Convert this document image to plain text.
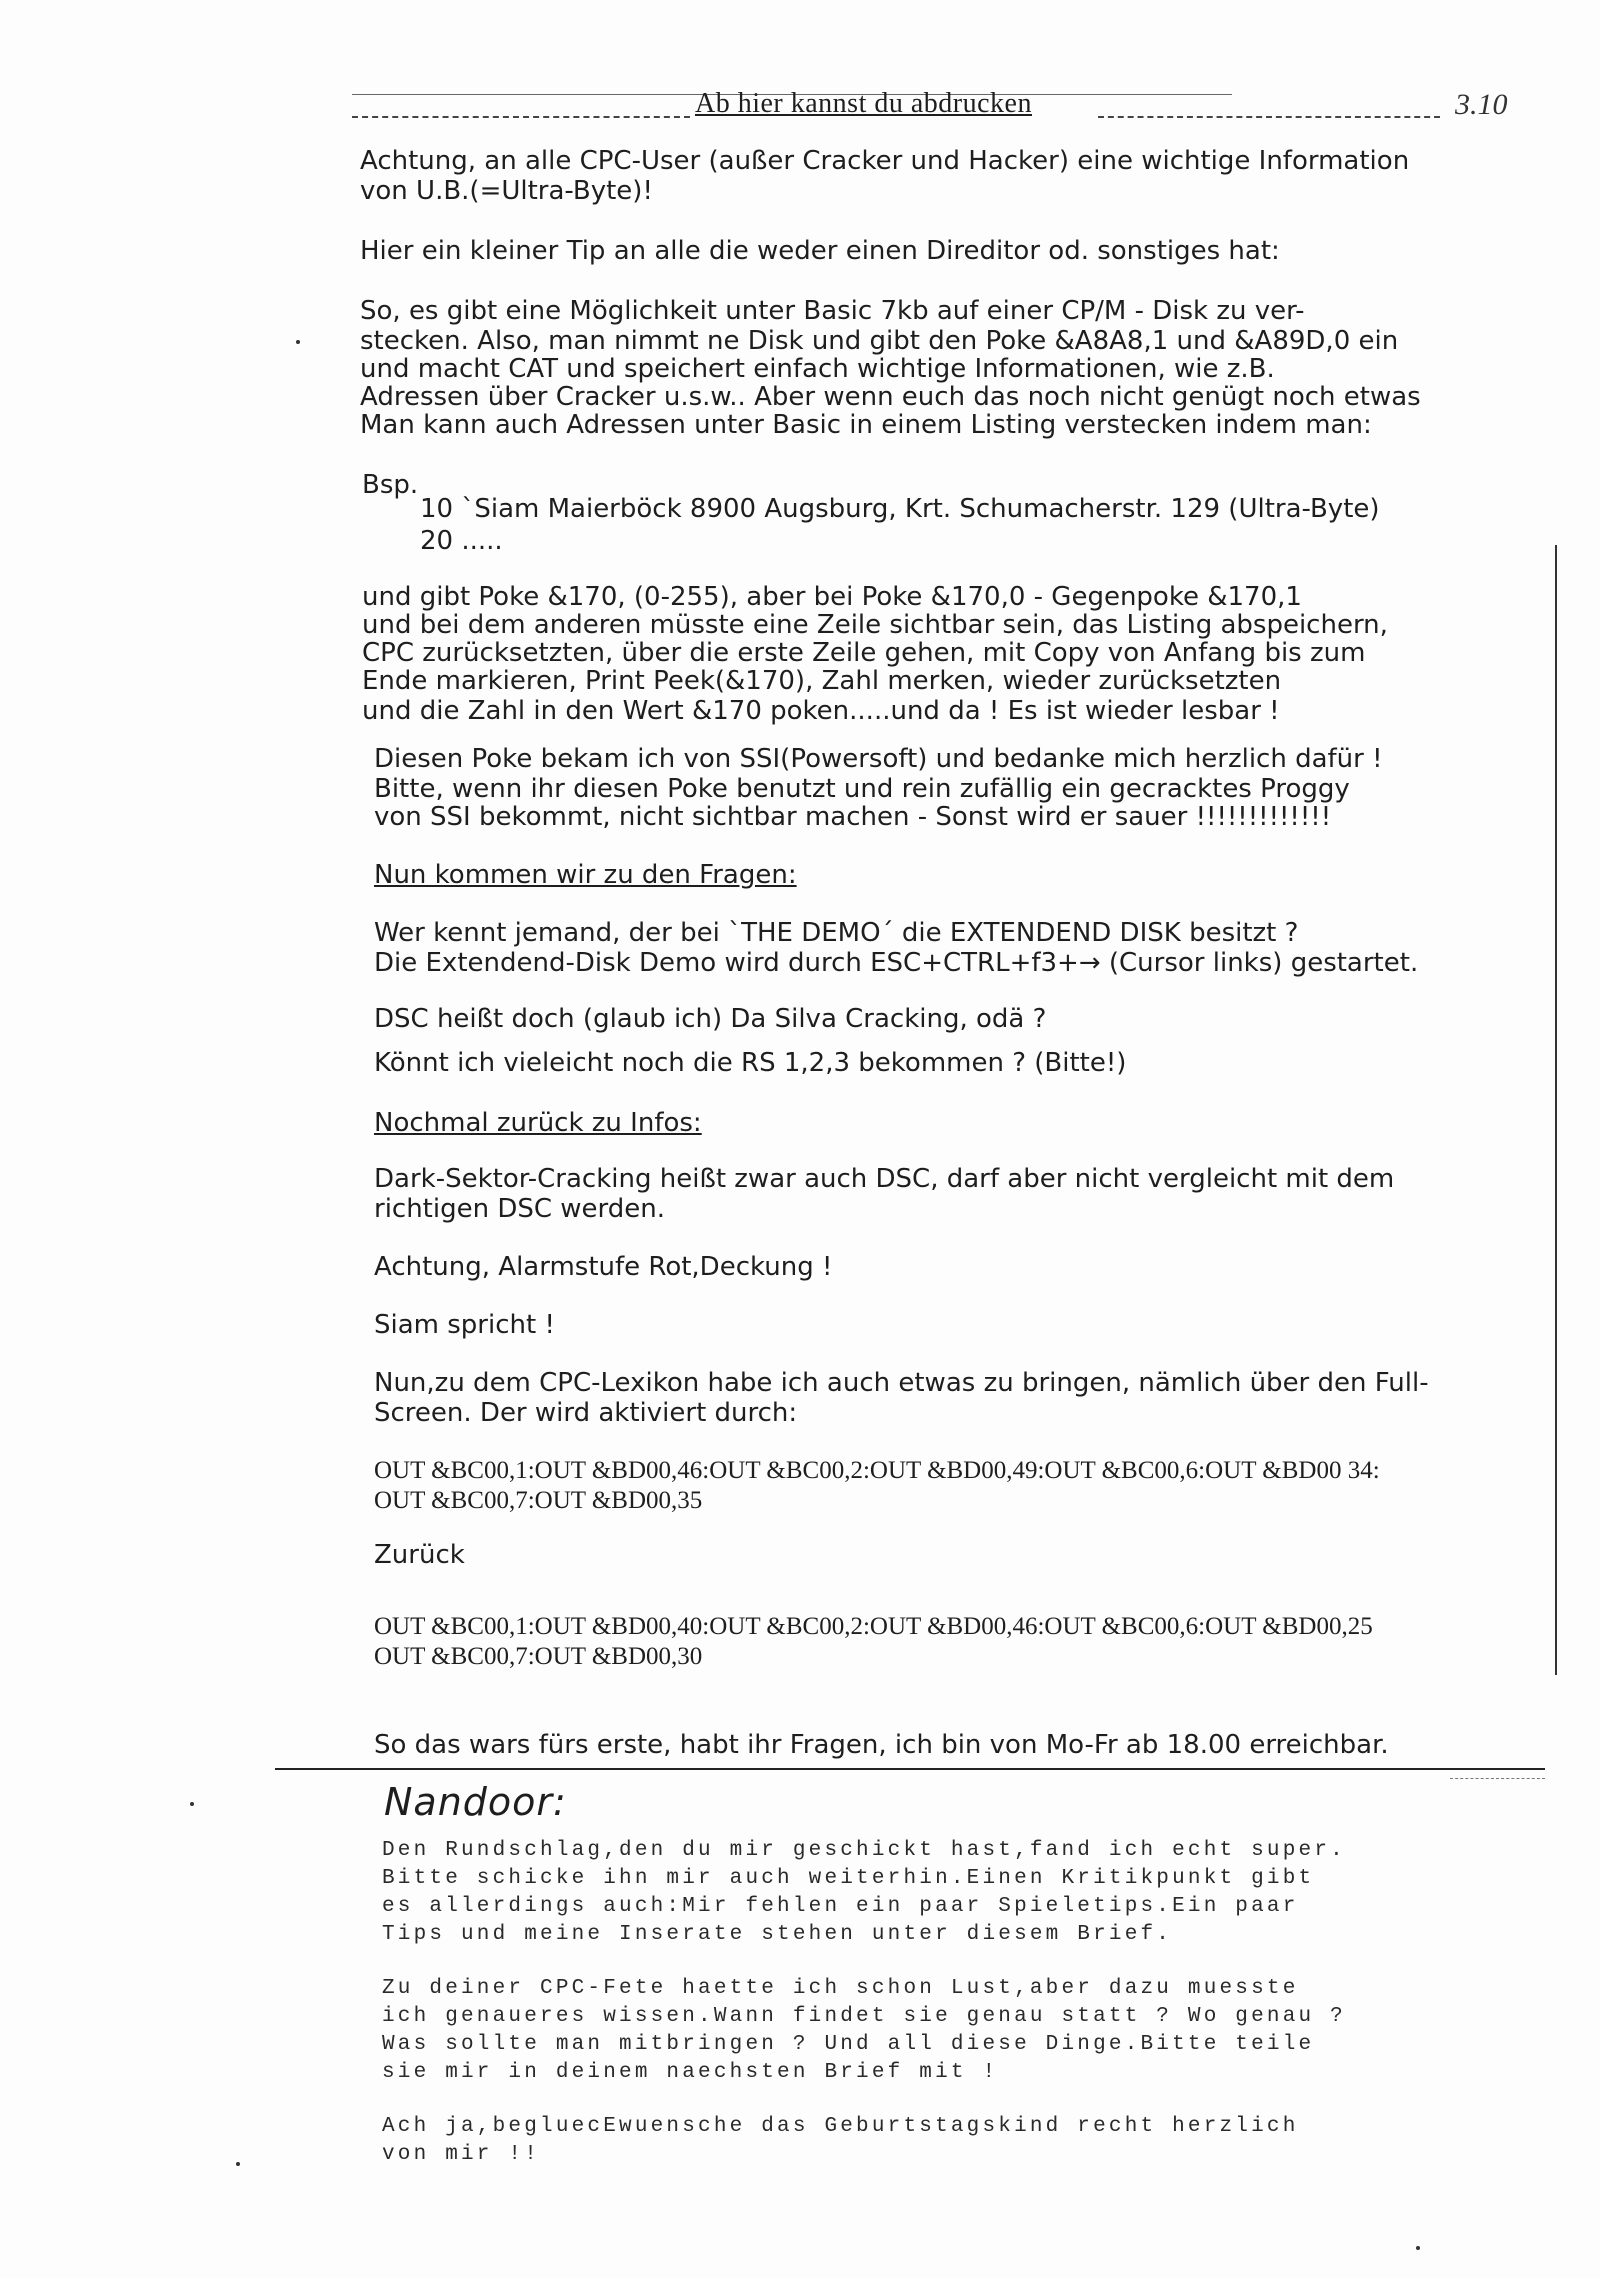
Ab hier kannst du abdrucken	3.10
Achtung, an alle CPC-User (außer Cracker und Hacker) eine wichtige Information
von U.B.(=Ultra-Byte)!
Hier ein kleiner Tip an alle die weder einen Direditor od. sonstiges hat:
So, es gibt eine Möglichkeit unter Basic 7kb auf einer CP/M - Disk zu ver-
stecken. Also, man nimmt ne Disk und gibt den Poke &A8A8,1 und &A89D,0 ein
und macht CAT und speichert einfach wichtige Informationen, wie z.B.
Adressen über Cracker u.s.w.. Aber wenn euch das noch nicht genügt noch etwas
Man kann auch Adressen unter Basic in einem Listing verstecken indem man:
Bsp.
10 `Siam Maierböck 8900 Augsburg, Krt. Schumacherstr. 129 (Ultra-Byte)
20 .....
und gibt Poke &170, (0-255), aber bei Poke &170,0 - Gegenpoke &170,1
und bei dem anderen müsste eine Zeile sichtbar sein, das Listing abspeichern,
CPC zurücksetzten, über die erste Zeile gehen, mit Copy von Anfang bis zum
Ende markieren, Print Peek(&170), Zahl merken, wieder zurücksetzten
und die Zahl in den Wert &170 poken.....und da ! Es ist wieder lesbar !
Diesen Poke bekam ich von SSI(Powersoft) und bedanke mich herzlich dafür !
Bitte, wenn ihr diesen Poke benutzt und rein zufällig ein gecracktes Proggy
von SSI bekommt, nicht sichtbar machen - Sonst wird er sauer !!!!!!!!!!!!!
Nun kommen wir zu den Fragen:
Wer kennt jemand, der bei `THE DEMO´ die EXTENDEND DISK besitzt ?
Die Extendend-Disk Demo wird durch ESC+CTRL+f3+→ (Cursor links) gestartet.
DSC heißt doch (glaub ich) Da Silva Cracking, odä ?
Könnt ich vieleicht noch die RS 1,2,3 bekommen ? (Bitte!)
Nochmal zurück zu Infos:
Dark-Sektor-Cracking heißt zwar auch DSC, darf aber nicht vergleicht mit dem
richtigen DSC werden.
Achtung, Alarmstufe Rot,Deckung !
Siam spricht !
Nun,zu dem CPC-Lexikon habe ich auch etwas zu bringen, nämlich über den Full-
Screen. Der wird aktiviert durch:
OUT &BC00,1:OUT &BD00,46:OUT &BC00,2:OUT &BD00,49:OUT &BC00,6:OUT &BD00 34:
OUT &BC00,7:OUT &BD00,35
Zurück
OUT &BC00,1:OUT &BD00,40:OUT &BC00,2:OUT &BD00,46:OUT &BC00,6:OUT &BD00,25
OUT &BC00,7:OUT &BD00,30
So das wars fürs erste, habt ihr Fragen, ich bin von Mo-Fr ab 18.00 erreichbar.
Nandoor:
Den Rundschlag,den du mir geschickt hast,fand ich echt super.
Bitte schicke ihn mir auch weiterhin.Einen Kritikpunkt gibt
es allerdings auch:Mir fehlen ein paar Spieletips.Ein paar
Tips und meine Inserate stehen unter diesem Brief.
Zu deiner CPC-Fete haette ich schon Lust,aber dazu muesste
ich genaueres wissen.Wann findet sie genau statt ? Wo genau ?
Was sollte man mitbringen ? Und all diese Dinge.Bitte teile
sie mir in deinem naechsten Brief mit !
Ach ja,begluecEwuensche das Geburtstagskind recht herzlich
von mir !!
